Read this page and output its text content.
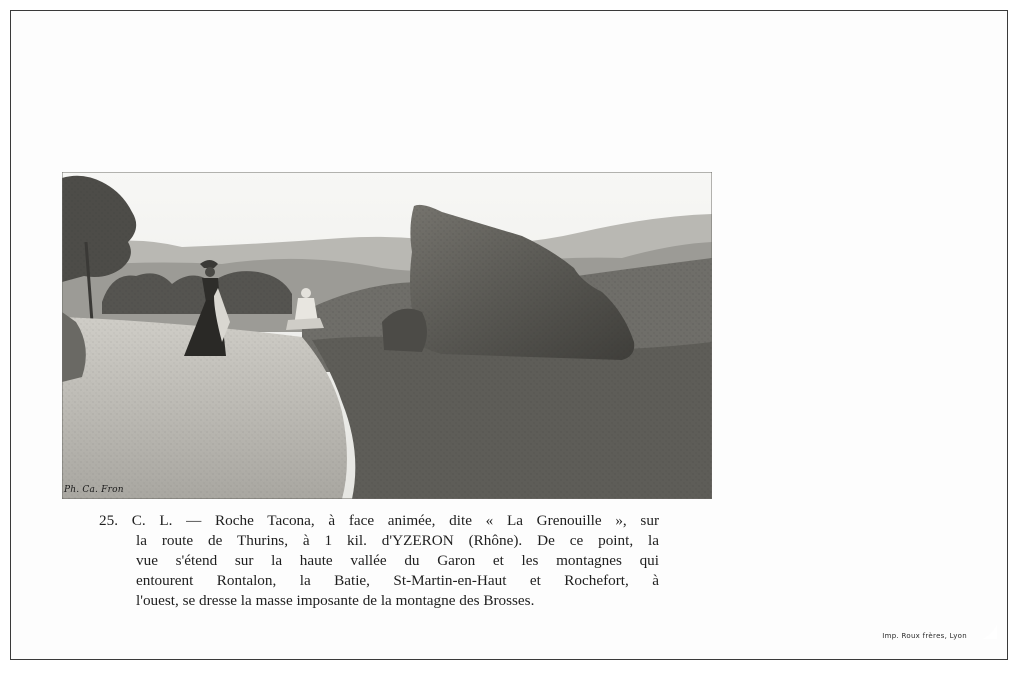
Ph. Ca. Fron
25. C. L. — Roche Tacona, à face animée, dite « La Grenouille », sur
la route de Thurins, à 1 kil. d'YZERON (Rhône). De ce point, la
vue s'étend sur la haute vallée du Garon et les montagnes qui
entourent Rontalon, la Batie, St-Martin-en-Haut et Rochefort, à
l'ouest, se dresse la masse imposante de la montagne des Brosses.
Imp. Roux frères, Lyon
